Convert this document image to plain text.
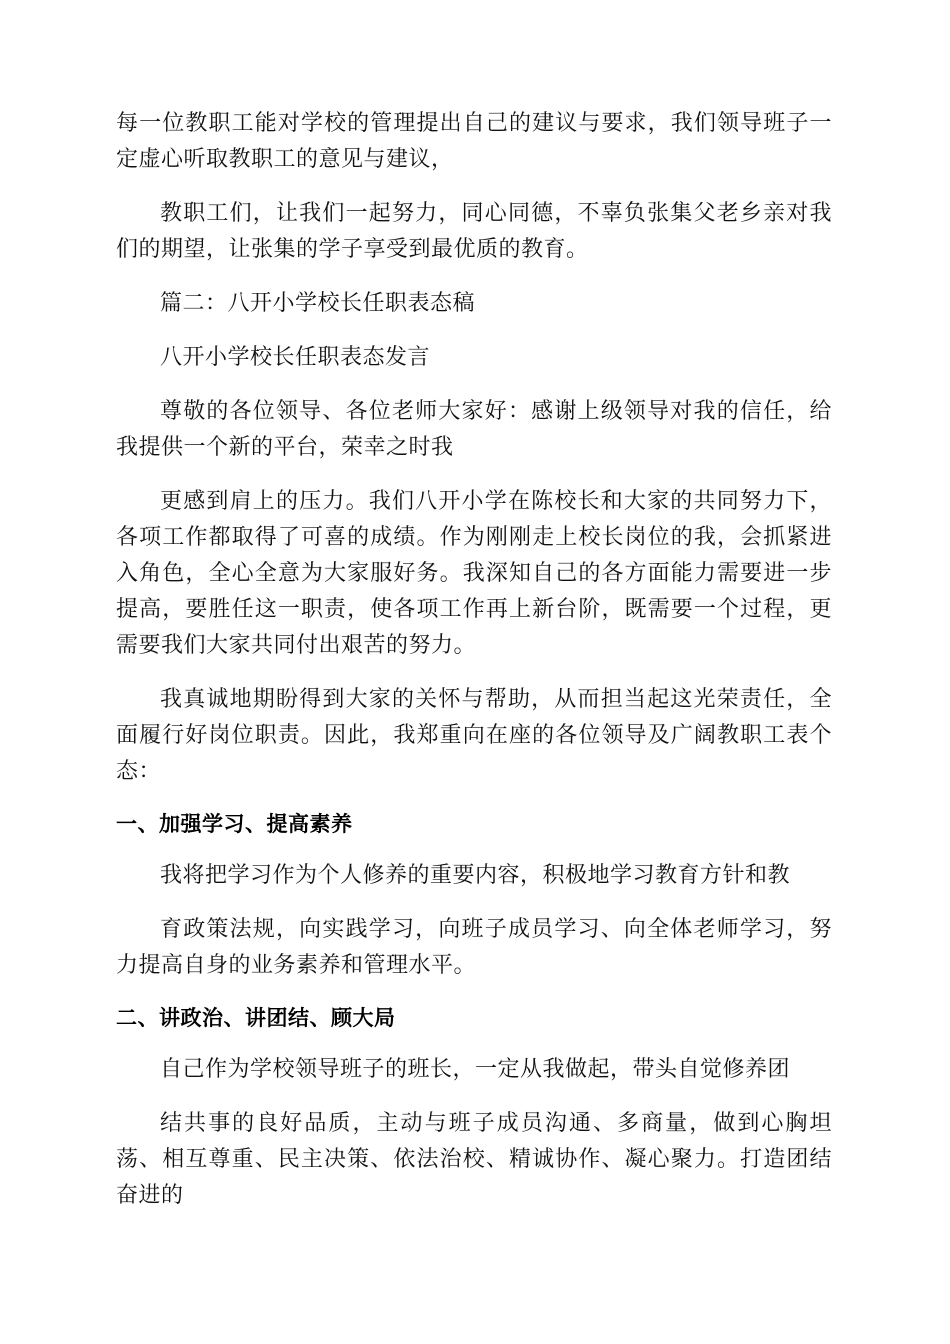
每一位教职工能对学校的管理提出自己的建议与要求，我们领导班子一定虚心听取教职工的意见与建议，

教职工们，让我们一起努力，同心同德，不辜负张集父老乡亲对我们的期望，让张集的学子享受到最优质的教育。

篇二：八开小学校长任职表态稿

八开小学校长任职表态发言

尊敬的各位领导、各位老师大家好：感谢上级领导对我的信任，给我提供一个新的平台，荣幸之时我

更感到肩上的压力。我们八开小学在陈校长和大家的共同努力下，各项工作都取得了可喜的成绩。作为刚刚走上校长岗位的我，会抓紧进入角色，全心全意为大家服好务。我深知自己的各方面能力需要进一步提高，要胜任这一职责，使各项工作再上新台阶，既需要一个过程，更需要我们大家共同付出艰苦的努力。

我真诚地期盼得到大家的关怀与帮助，从而担当起这光荣责任，全面履行好岗位职责。因此，我郑重向在座的各位领导及广阔教职工表个态：

一、加强学习、提高素养

我将把学习作为个人修养的重要内容，积极地学习教育方针和教

育政策法规，向实践学习，向班子成员学习、向全体老师学习，努力提高自身的业务素养和管理水平。

二、讲政治、讲团结、顾大局

自己作为学校领导班子的班长，一定从我做起，带头自觉修养团

结共事的良好品质，主动与班子成员沟通、多商量，做到心胸坦荡、相互尊重、民主决策、依法治校、精诚协作、凝心聚力。打造团结奋进的
